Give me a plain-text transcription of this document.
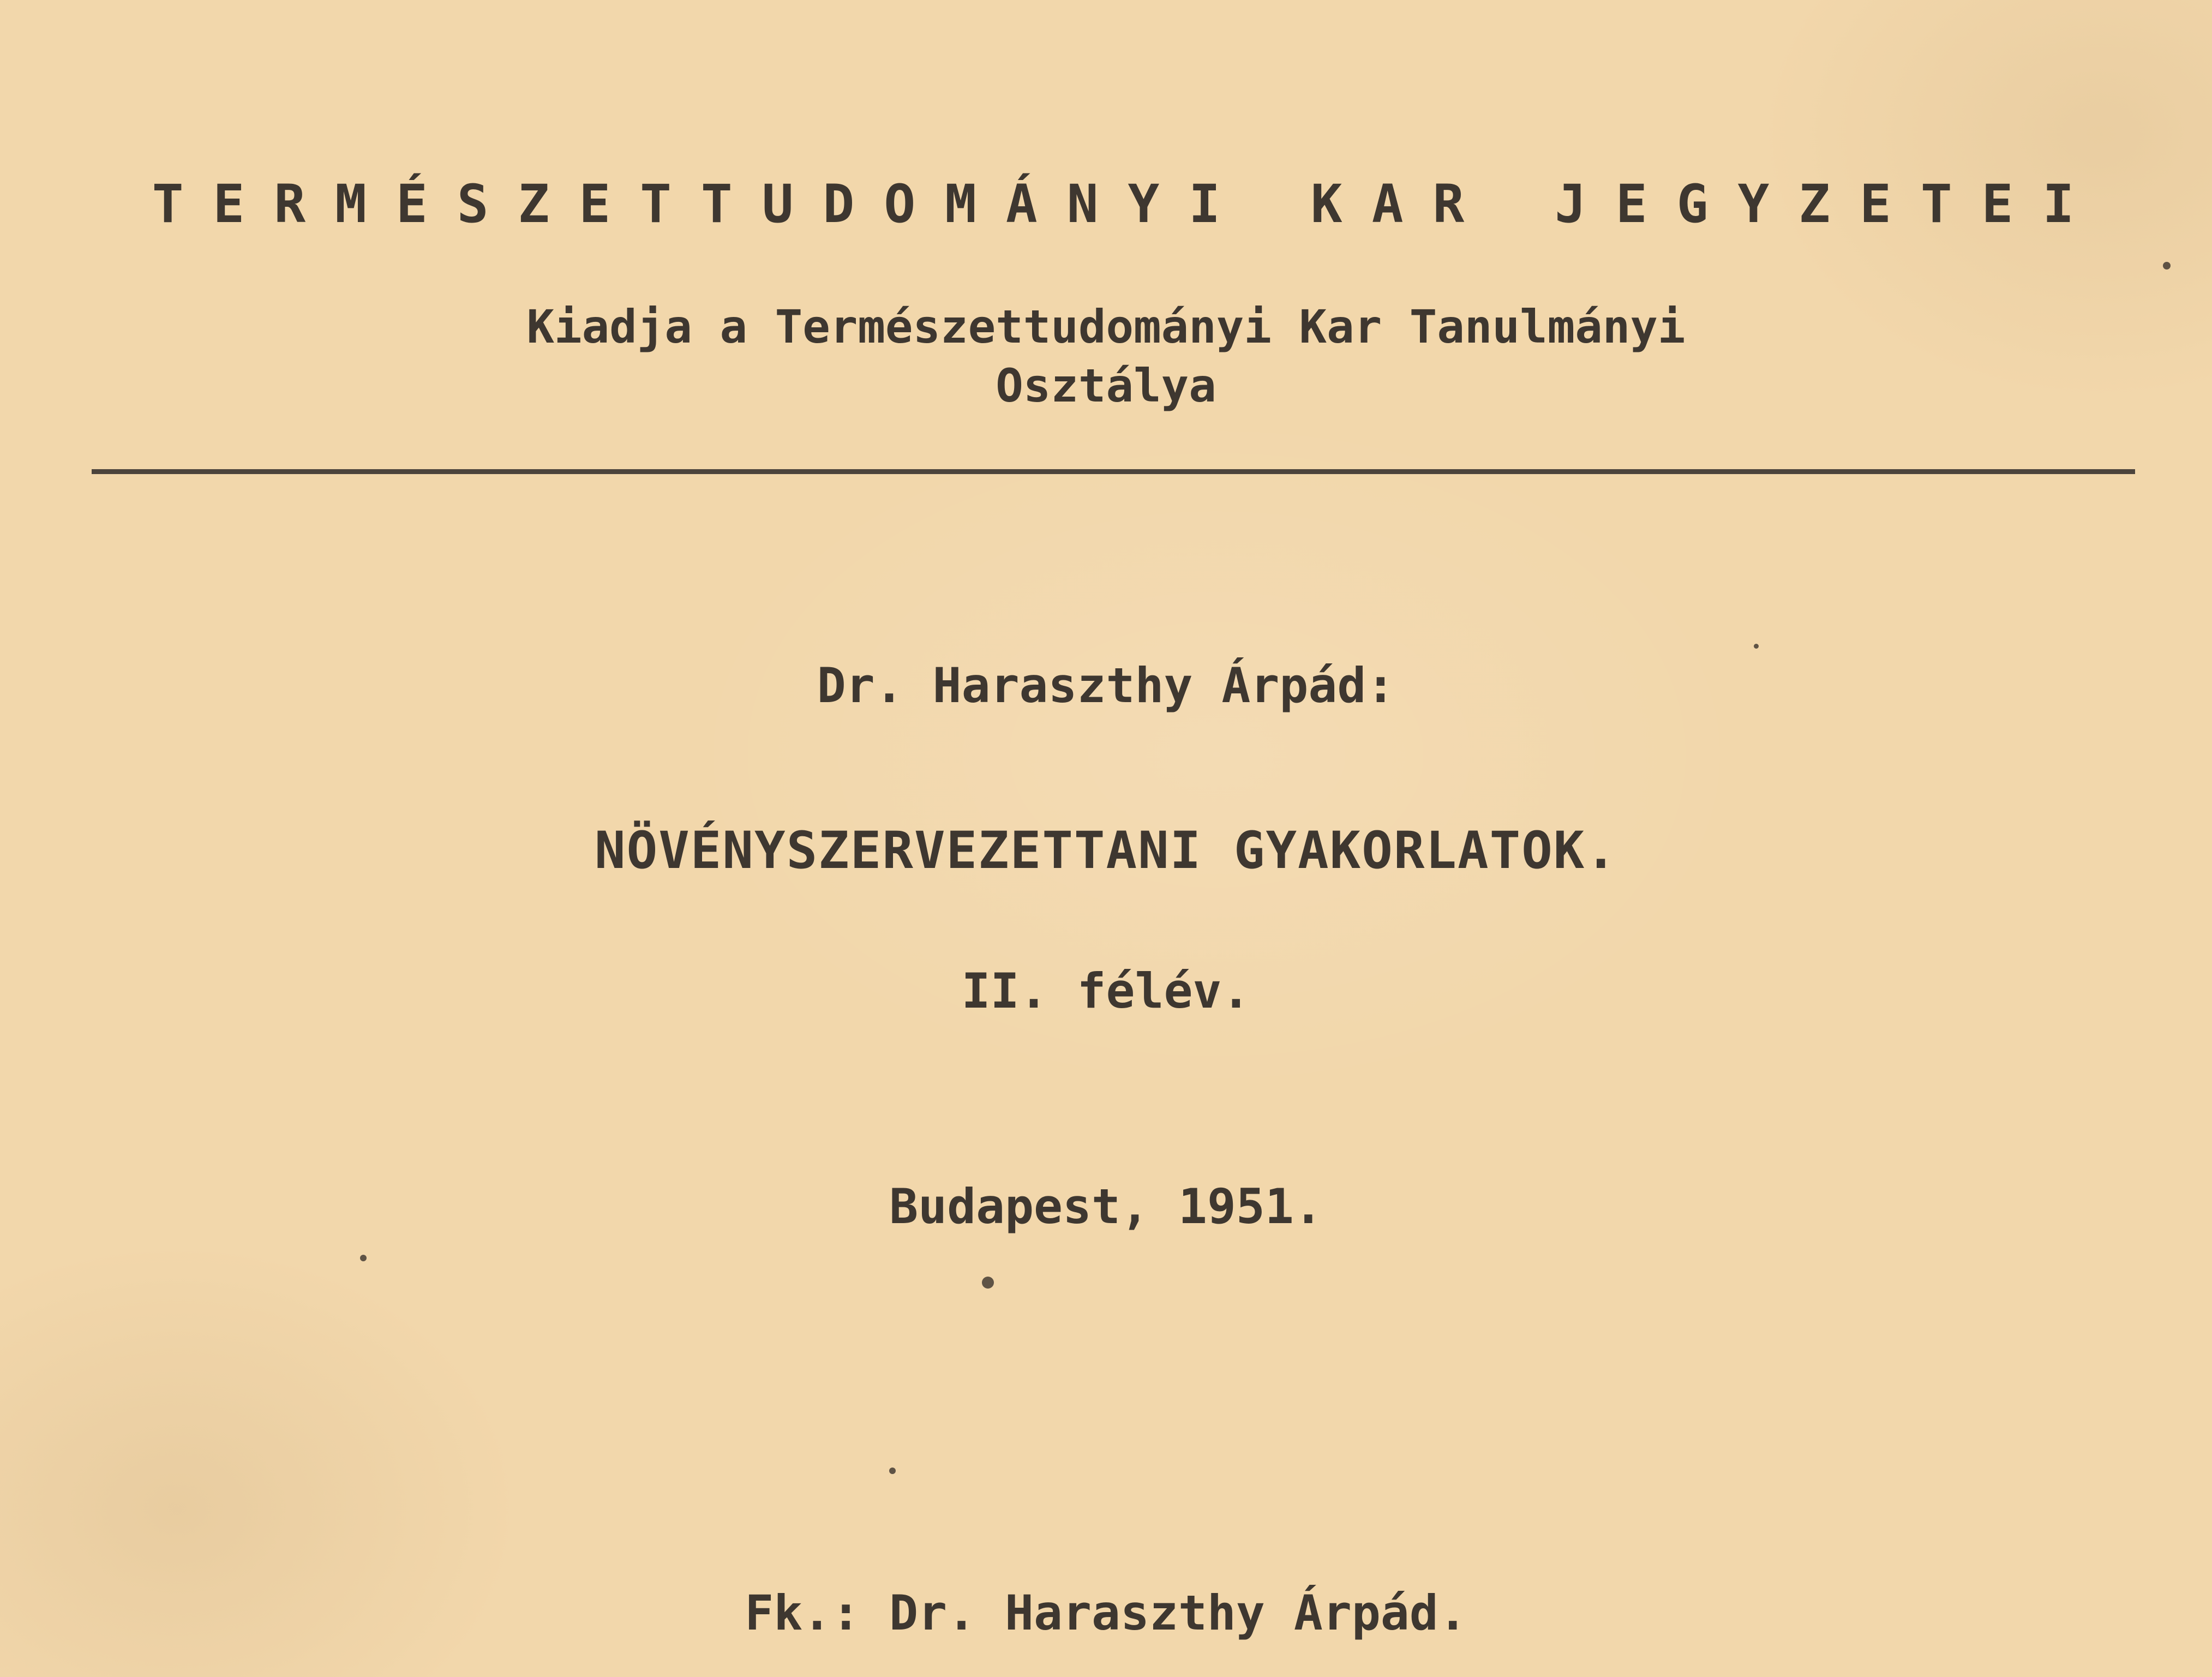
TERMÉSZETTUDOMÁNYI KAR JEGYZETEI
Kiadja a Természettudományi Kar Tanulmányi
Osztálya
Dr. Haraszthy Árpád:
NÖVÉNYSZERVEZETTANI GYAKORLATOK.
II. félév.
Budapest, 1951.
Fk.: Dr. Haraszthy Árpád.
